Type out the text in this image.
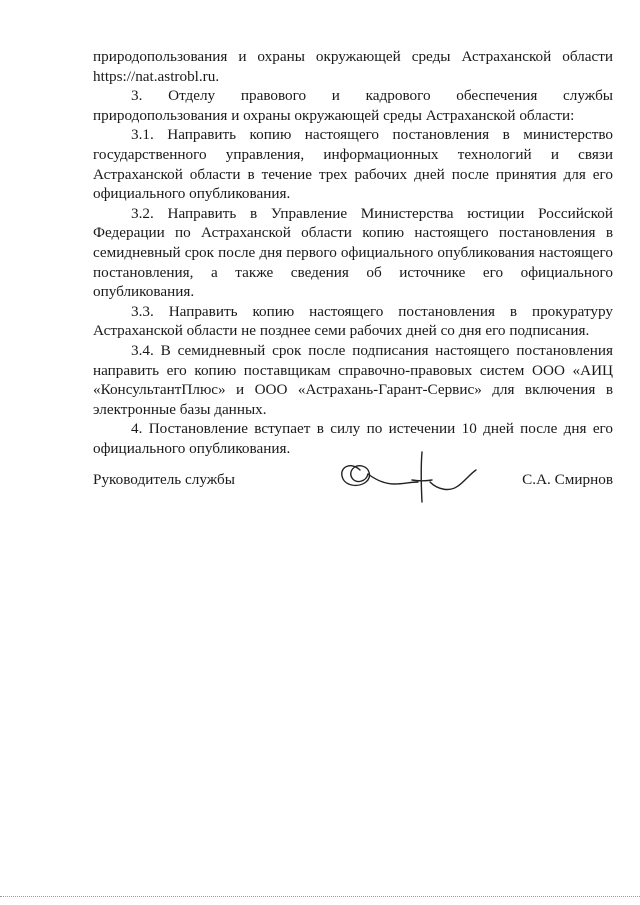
природопользования и охраны окружающей среды Астраханской области https://nat.astrobl.ru.

3. Отделу правового и кадрового обеспечения службы природопользования и охраны окружающей среды Астраханской области:

3.1. Направить копию настоящего постановления в министерство государственного управления, информационных технологий и связи Астраханской области в течение трех рабочих дней после принятия для его официального опубликования.

3.2. Направить в Управление Министерства юстиции Российской Федерации по Астраханской области копию настоящего постановления в семидневный срок после дня первого официального опубликования настоящего постановления, а также сведения об источнике его официального опубликования.

3.3. Направить копию настоящего постановления в прокуратуру Астраханской области не позднее семи рабочих дней со дня его подписания.

3.4. В семидневный срок после подписания настоящего постановления направить его копию поставщикам справочно-правовых систем ООО «АИЦ «КонсультантПлюс» и ООО «Астрахань-Гарант-Сервис» для включения в электронные базы данных.

4. Постановление вступает в силу по истечении 10 дней после дня его официального опубликования.

Руководитель службы	С.А. Смирнов
